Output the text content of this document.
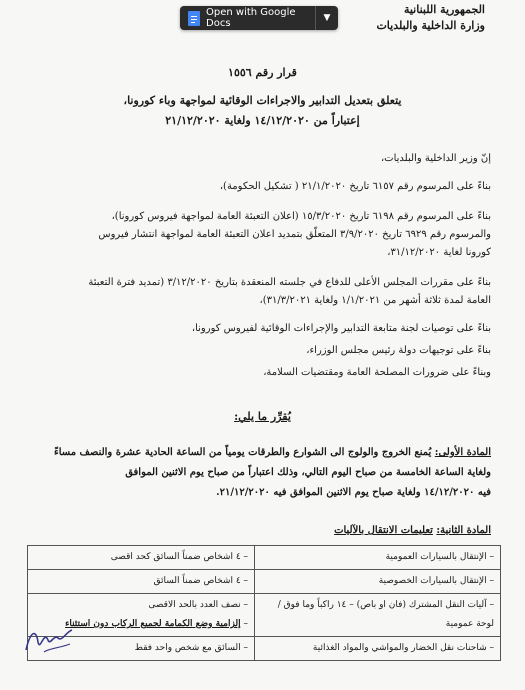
Open with Google Docs	▼
الجمهورية اللبنانية
وزارة الداخلية والبلديات
قرار رقم ١٥٥٦
يتعلق بتعديل التدابير والاجراءات الوقائية لمواجهة وباء كورونا،
إعتباراً من ١٤/١٢/٢٠٢٠ ولغاية ٢١/١٢/٢٠٢٠
إنّ وزير الداخلية والبلديات،
بناءً على المرسوم رقم ٦١٥٧ تاريخ ٢١/١/٢٠٢٠ ( تشكيل الحكومة)،
بناءً على المرسوم رقم ٦١٩٨ تاريخ ١٥/٣/٢٠٢٠ (اعلان التعبئة العامة لمواجهة فيروس كورونا)،
والمرسوم رقم ٦٩٢٩ تاريخ ٣/٩/٢٠٢٠ المتعلّق بتمديد اعلان التعبئة العامة لمواجهة انتشار فيروس
كورونا لغاية ٣١/١٢/٢٠٢٠،
بناءً على مقررات المجلس الأعلى للدفاع في جلسته المنعقدة بتاريخ ٣/١٢/٢٠٢٠ (تمديد فترة التعبئة
العامة لمدة ثلاثة أشهر من ١/١/٢٠٢١ ولغاية ٣١/٣/٢٠٢١)،
بناءً على توصيات لجنة متابعة التدابير والإجراءات الوقائية لفيروس كورونا،
بناءً على توجيهات دولة رئيس مجلس الوزراء،
وبناءً على ضرورات المصلحة العامة ومقتضيات السلامة،
يُقرِّر ما يلي:
المادة الأولى: يُمنع الخروج والولوج الى الشوارع والطرقات يومياً من الساعة الحادية عشرة والنصف مساءً
ولغاية الساعة الخامسة من صباح اليوم التالي، وذلك اعتباراً من صباح يوم الاثنين الموافق
فيه ١٤/١٢/٢٠٢٠ ولغاية صباح يوم الاثنين الموافق فيه ٢١/١٢/٢٠٢٠.
المادة الثانية: تعليمات الانتقال بالآليات
– الإنتقال بالسيارات العمومية	– ٤ اشخاص ضمناً السائق كحد اقصى
– الإنتقال بالسيارات الخصوصية	– ٤ اشخاص ضمناً السائق
– آليات النقل المشترك (فان او باص) – ١٤ راكباً وما فوق / لوحة عمومية	– نصف العدد بالحد الاقصى
– إلزامية وضع الكمامة لجميع الركاب دون استثناء
– شاحنات نقل الخضار والمواشي والمواد الغذائية	– السائق مع شخص واحد فقط
